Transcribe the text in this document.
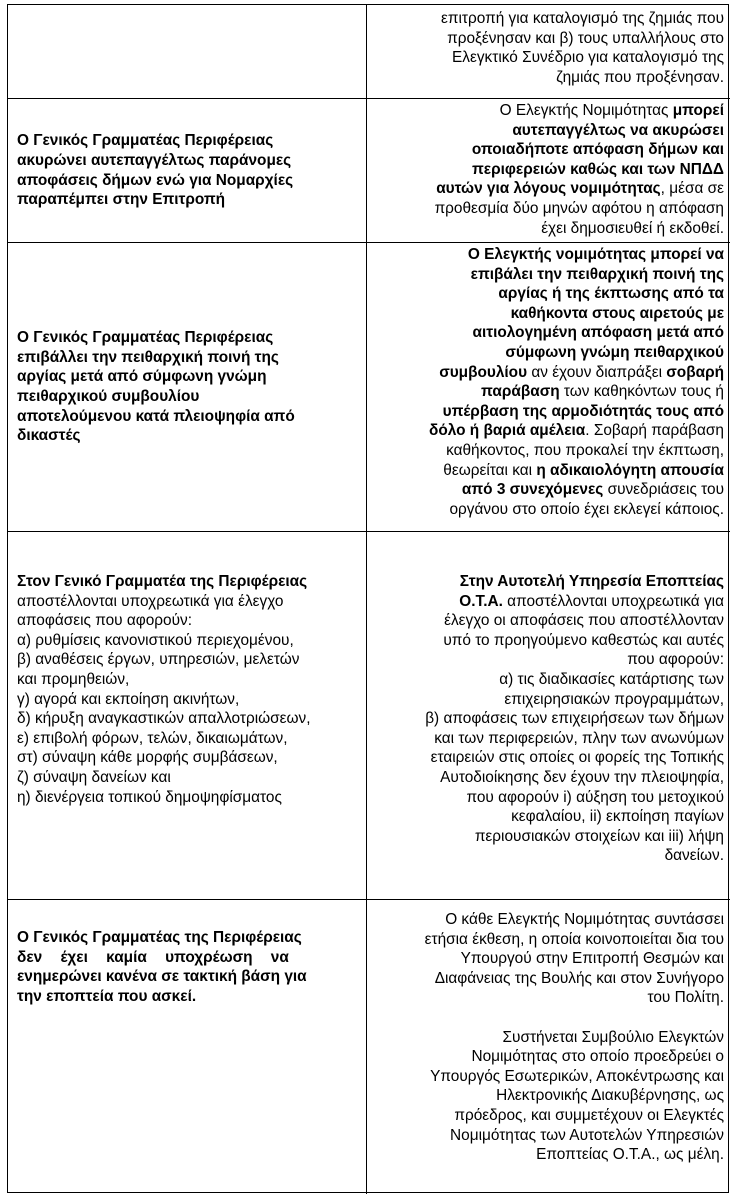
επιτροπή για καταλογισμό της ζημιάς που
προξένησαν και β) τους υπαλλήλους στο
Ελεγκτικό Συνέδριο για καταλογισμό της
ζημιάς που προξένησαν.
Ο Γενικός Γραμματέας Περιφέρειας
ακυρώνει αυτεπαγγέλτως παράνομες
αποφάσεις δήμων ενώ για Νομαρχίες
παραπέμπει στην Επιτροπή
Ο Ελεγκτής Νομιμότητας μπορεί
αυτεπαγγέλτως να ακυρώσει
οποιαδήποτε απόφαση δήμων και
περιφερειών καθώς και των ΝΠΔΔ
αυτών για λόγους νομιμότητας, μέσα σε
προθεσμία δύο μηνών αφότου η απόφαση
έχει δημοσιευθεί ή εκδοθεί.
Ο Γενικός Γραμματέας Περιφέρειας
επιβάλλει την πειθαρχική ποινή της
αργίας μετά από σύμφωνη γνώμη
πειθαρχικού συμβουλίου
αποτελούμενου κατά πλειοψηφία από
δικαστές
Ο Ελεγκτής νομιμότητας μπορεί να
επιβάλει την πειθαρχική ποινή της
αργίας ή της έκπτωσης από τα
καθήκοντα στους αιρετούς με
αιτιολογημένη απόφαση μετά από
σύμφωνη γνώμη πειθαρχικού
συμβουλίου αν έχουν διαπράξει σοβαρή
παράβαση των καθηκόντων τους ή
υπέρβαση της αρμοδιότητάς τους από
δόλο ή βαριά αμέλεια. Σοβαρή παράβαση
καθήκοντος, που προκαλεί την έκπτωση,
θεωρείται και η αδικαιολόγητη απουσία
από 3 συνεχόμενες συνεδριάσεις του
οργάνου στο οποίο έχει εκλεγεί κάποιος.
Στον Γενικό Γραμματέα της Περιφέρειας
αποστέλλονται υποχρεωτικά για έλεγχο
αποφάσεις που αφορούν:
α) ρυθμίσεις κανονιστικού περιεχομένου,
β) αναθέσεις έργων, υπηρεσιών, μελετών
και προμηθειών,
γ) αγορά και εκποίηση ακινήτων,
δ) κήρυξη αναγκαστικών απαλλοτριώσεων,
ε) επιβολή φόρων, τελών, δικαιωμάτων,
στ) σύναψη κάθε μορφής συμβάσεων,
ζ) σύναψη δανείων και
η) διενέργεια τοπικού δημοψηφίσματος
Στην Αυτοτελή Υπηρεσία Εποπτείας
Ο.Τ.Α. αποστέλλονται υποχρεωτικά για
έλεγχο οι αποφάσεις που αποστέλλονταν
υπό το προηγούμενο καθεστώς και αυτές
που αφορούν:
α) τις διαδικασίες κατάρτισης των
επιχειρησιακών προγραμμάτων,
β) αποφάσεις των επιχειρήσεων των δήμων
και των περιφερειών, πλην των ανωνύμων
εταιρειών στις οποίες οι φορείς της Τοπικής
Αυτοδιοίκησης δεν έχουν την πλειοψηφία,
που αφορούν i) αύξηση του μετοχικού
κεφαλαίου, ii) εκποίηση παγίων
περιουσιακών στοιχείων και iii) λήψη
δανείων.
Ο Γενικός Γραμματέας της Περιφέρειας
δεν έχει καμία υποχρέωση να
ενημερώνει κανένα σε τακτική βάση για
την εποπτεία που ασκεί.
Ο κάθε Ελεγκτής Νομιμότητας συντάσσει
ετήσια έκθεση, η οποία κοινοποιείται δια του
Υπουργού στην Επιτροπή Θεσμών και
Διαφάνειας της Βουλής και στον Συνήγορο
του Πολίτη.
Συστήνεται Συμβούλιο Ελεγκτών
Νομιμότητας στο οποίο προεδρεύει ο
Υπουργός Εσωτερικών, Αποκέντρωσης και
Ηλεκτρονικής Διακυβέρνησης, ως
πρόεδρος, και συμμετέχουν οι Ελεγκτές
Νομιμότητας των Αυτοτελών Υπηρεσιών
Εποπτείας Ο.Τ.Α., ως μέλη.
